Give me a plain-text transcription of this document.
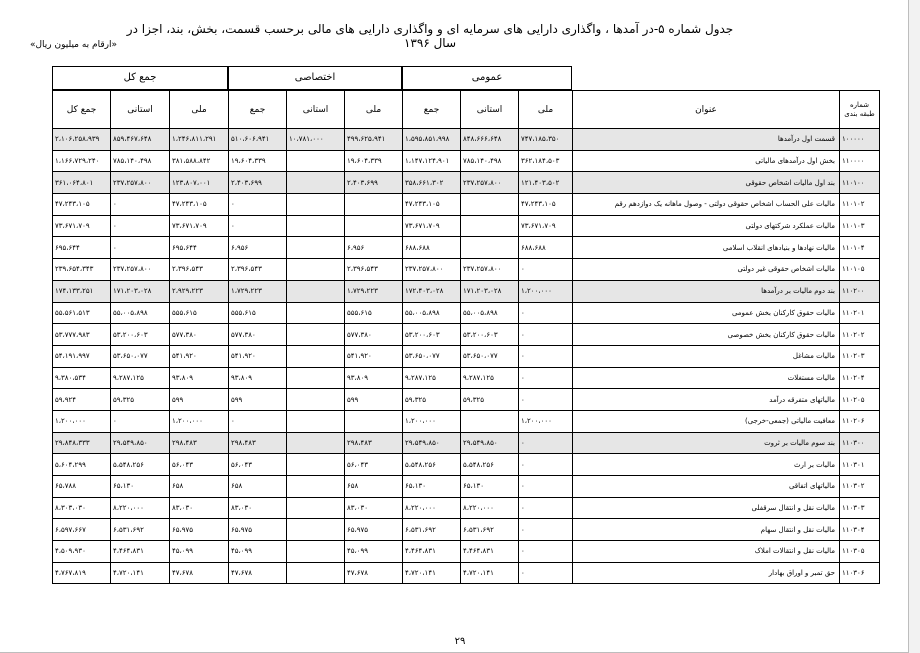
جدول شماره ۵-در آمدها ، واگذاری دارایی های سرمایه ای و واگذاری دارایی های مالی برحسب قسمت، بخش، بند، اجزا در سال ۱۳۹۶
«ارقام به میلیون ریال»
جمع کل	اختصاصی	عمومی
جمع کل	استانی	ملی	جمع	استانی	ملی	جمع	استانی	ملی	عنوان	شماره طبقه بندی
۲،۱۰۶،۲۵۸،۹۳۹	۸۵۹،۴۶۷،۶۴۸	۱،۲۴۶،۸۱۱،۲۹۱	۵۱۰،۶۰۶،۹۴۱	۱۰،۷۸۱،۰۰۰	۴۹۹،۶۲۵،۹۴۱	۱،۵۹۵،۸۵۱،۹۹۸	۸۴۸،۶۶۶،۶۴۸	۷۴۷،۱۸۵،۳۵۰	قسمت اول درآمدها	۱۰۰۰۰۰
۱،۱۶۶،۷۲۹،۲۴۰	۷۸۵،۱۴۰،۴۹۸	۳۸۱،۵۸۸،۸۴۲	۱۹،۶۰۴،۳۳۹		۱۹،۶۰۴،۳۳۹	۱،۱۴۷،۱۲۴،۹۰۱	۷۸۵،۱۴۰،۴۹۸	۳۶۲،۱۸۴،۵۰۳	بخش اول درآمدهای مالیاتی	۱۱۰۰۰۰
۳۶۱،۰۶۴،۸۰۱	۲۳۷،۲۵۷،۸۰۰	۱۲۳،۸۰۷،۰۰۱	۲،۴۰۳،۶۹۹		۲،۴۰۳،۶۹۹	۳۵۸،۶۶۱،۳۰۲	۲۳۷،۲۵۷،۸۰۰	۱۲۱،۴۰۳،۵۰۲	بند اول مالیات اشخاص حقوقی	۱۱۰۱۰۰
۴۷،۲۴۳،۱۰۵	۰	۴۷،۲۴۳،۱۰۵	۰			۴۷،۲۴۳،۱۰۵		۴۷،۲۴۳،۱۰۵	مالیات علی الحساب اشخاص حقوقی دولتی - وصول ماهانه یک دوازدهم رقم	۱۱۰۱۰۲
۷۳،۶۷۱،۷۰۹	۰	۷۳،۶۷۱،۷۰۹	۰			۷۳،۶۷۱،۷۰۹		۷۳،۶۷۱،۷۰۹	مالیات عملکرد شرکتهای دولتی	۱۱۰۱۰۳
۶۹۵،۶۴۴	۰	۶۹۵،۶۴۴	۶،۹۵۶		۶،۹۵۶	۶۸۸،۶۸۸		۶۸۸،۶۸۸	مالیات نهادها و بنیادهای انقلاب اسلامی	۱۱۰۱۰۴
۲۳۹،۶۵۴،۳۴۳	۲۳۷،۲۵۷،۸۰۰	۲،۳۹۶،۵۴۳	۲،۳۹۶،۵۴۳		۲،۳۹۶،۵۴۳	۲۳۷،۲۵۷،۸۰۰	۲۳۷،۲۵۷،۸۰۰	۰	مالیات اشخاص حقوقی غیر دولتی	۱۱۰۱۰۵
۱۷۴،۱۳۳،۲۵۱	۱۷۱،۲۰۳،۰۲۸	۲،۹۲۹،۲۲۳	۱،۷۲۹،۲۲۳		۱،۷۲۹،۲۲۳	۱۷۲،۴۰۳،۰۲۸	۱۷۱،۲۰۳،۰۲۸	۱،۲۰۰،۰۰۰	بند دوم مالیات بر درآمدها	۱۱۰۲۰۰
۵۵،۵۶۱،۵۱۳	۵۵،۰۰۵،۸۹۸	۵۵۵،۶۱۵	۵۵۵،۶۱۵		۵۵۵،۶۱۵	۵۵،۰۰۵،۸۹۸	۵۵،۰۰۵،۸۹۸	۰	مالیات حقوق کارکنان بخش عمومی	۱۱۰۲۰۱
۵۳،۷۷۷،۹۸۳	۵۳،۲۰۰،۶۰۳	۵۷۷،۳۸۰	۵۷۷،۳۸۰		۵۷۷،۳۸۰	۵۳،۲۰۰،۶۰۳	۵۳،۲۰۰،۶۰۳	۰	مالیات حقوق کارکنان بخش خصوصی	۱۱۰۲۰۲
۵۴،۱۹۱،۹۹۷	۵۳،۶۵۰،۰۷۷	۵۴۱،۹۲۰	۵۴۱،۹۲۰		۵۴۱،۹۲۰	۵۳،۶۵۰،۰۷۷	۵۳،۶۵۰،۰۷۷	۰	مالیات مشاغل	۱۱۰۲۰۳
۹،۳۸۰،۵۳۴	۹،۲۸۷،۱۲۵	۹۳،۸۰۹	۹۳،۸۰۹		۹۳،۸۰۹	۹،۲۸۷،۱۲۵	۹،۲۸۷،۱۲۵	۰	مالیات مستغلات	۱۱۰۲۰۴
۵۹،۹۲۴	۵۹،۳۲۵	۵۹۹	۵۹۹		۵۹۹	۵۹،۳۲۵	۵۹،۳۲۵	۰	مالیاتهای متفرقه درآمد	۱۱۰۲۰۵
۱،۲۰۰،۰۰۰	۰	۱،۲۰۰،۰۰۰	۰			۱،۲۰۰،۰۰۰		۱،۲۰۰،۰۰۰	معافیت مالیاتی (جمعی-خرجی)	۱۱۰۲۰۶
۲۹،۸۴۸،۳۳۳	۲۹،۵۴۹،۸۵۰	۲۹۸،۴۸۳	۲۹۸،۴۸۳		۲۹۸،۴۸۳	۲۹،۵۴۹،۸۵۰	۲۹،۵۴۹،۸۵۰	۰	بند سوم مالیات بر ثروت	۱۱۰۳۰۰
۵،۶۰۴،۲۹۹	۵،۵۴۸،۲۵۶	۵۶،۰۴۳	۵۶،۰۴۳		۵۶،۰۴۳	۵،۵۴۸،۲۵۶	۵،۵۴۸،۲۵۶	۰	مالیات بر ارث	۱۱۰۳۰۱
۶۵،۷۸۸	۶۵،۱۳۰	۶۵۸	۶۵۸		۶۵۸	۶۵،۱۳۰	۶۵،۱۳۰	۰	مالیاتهای اتفاقی	۱۱۰۳۰۲
۸،۳۰۳،۰۳۰	۸،۲۲۰،۰۰۰	۸۳،۰۳۰	۸۳،۰۳۰		۸۳،۰۳۰	۸،۲۲۰،۰۰۰	۸،۲۲۰،۰۰۰	۰	مالیات نقل و انتقال سرقفلی	۱۱۰۳۰۳
۶،۵۹۷،۶۶۷	۶،۵۳۱،۶۹۲	۶۵،۹۷۵	۶۵،۹۷۵		۶۵،۹۷۵	۶،۵۳۱،۶۹۲	۶،۵۳۱،۶۹۲	۰	مالیات نقل و انتقال سهام	۱۱۰۳۰۴
۴،۵۰۹،۹۳۰	۴،۴۶۴،۸۳۱	۴۵،۰۹۹	۴۵،۰۹۹		۴۵،۰۹۹	۴،۴۶۴،۸۳۱	۴،۴۶۴،۸۳۱	۰	مالیات نقل و انتقالات املاک	۱۱۰۳۰۵
۴،۷۶۷،۸۱۹	۴،۷۲۰،۱۴۱	۴۷،۶۷۸	۴۷،۶۷۸		۴۷،۶۷۸	۴،۷۲۰،۱۴۱	۴،۷۲۰،۱۴۱	۰	حق تمبر و اوراق بهادار	۱۱۰۳۰۶
۲۹
